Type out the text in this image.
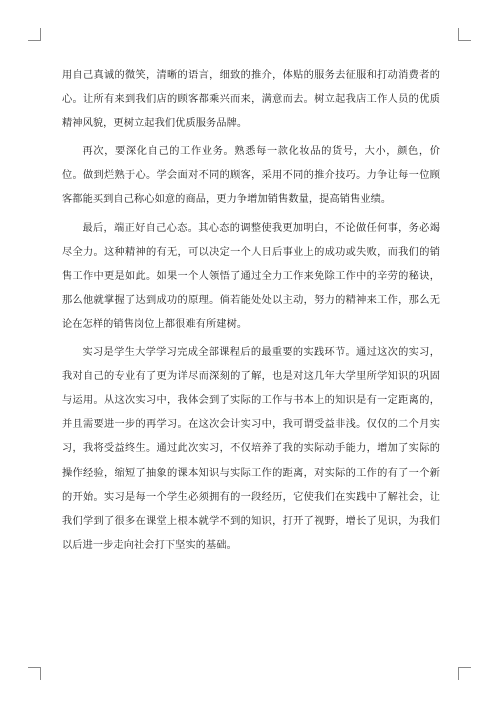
用自己真诚的微笑，清晰的语言，细致的推介，体贴的服务去征服和打动消费者的心。让所有来到我们店的顾客都乘兴而来，满意而去。树立起我店工作人员的优质精神风貌，更树立起我们优质服务品牌。

再次，要深化自己的工作业务。熟悉每一款化妆品的货号，大小，颜色，价位。做到烂熟于心。学会面对不同的顾客，采用不同的推介技巧。力争让每一位顾客都能买到自己称心如意的商品，更力争增加销售数量，提高销售业绩。

最后，端正好自己心态。其心态的调整使我更加明白，不论做任何事，务必竭尽全力。这种精神的有无，可以决定一个人日后事业上的成功或失败，而我们的销售工作中更是如此。如果一个人领悟了通过全力工作来免除工作中的辛劳的秘诀，那么他就掌握了达到成功的原理。倘若能处处以主动，努力的精神来工作，那么无论在怎样的销售岗位上都很难有所建树。

实习是学生大学学习完成全部课程后的最重要的实践环节。通过这次的实习，我对自己的专业有了更为详尽而深刻的了解，也是对这几年大学里所学知识的巩固与运用。从这次实习中，我体会到了实际的工作与书本上的知识是有一定距离的，并且需要进一步的再学习。在这次会计实习中，我可谓受益非浅。仅仅的二个月实习，我将受益终生。通过此次实习，不仅培养了我的实际动手能力，增加了实际的操作经验，缩短了抽象的课本知识与实际工作的距离，对实际的工作的有了一个新的开始。实习是每一个学生必须拥有的一段经历，它使我们在实践中了解社会，让我们学到了很多在课堂上根本就学不到的知识，打开了视野，增长了见识，为我们以后进一步走向社会打下坚实的基础。
